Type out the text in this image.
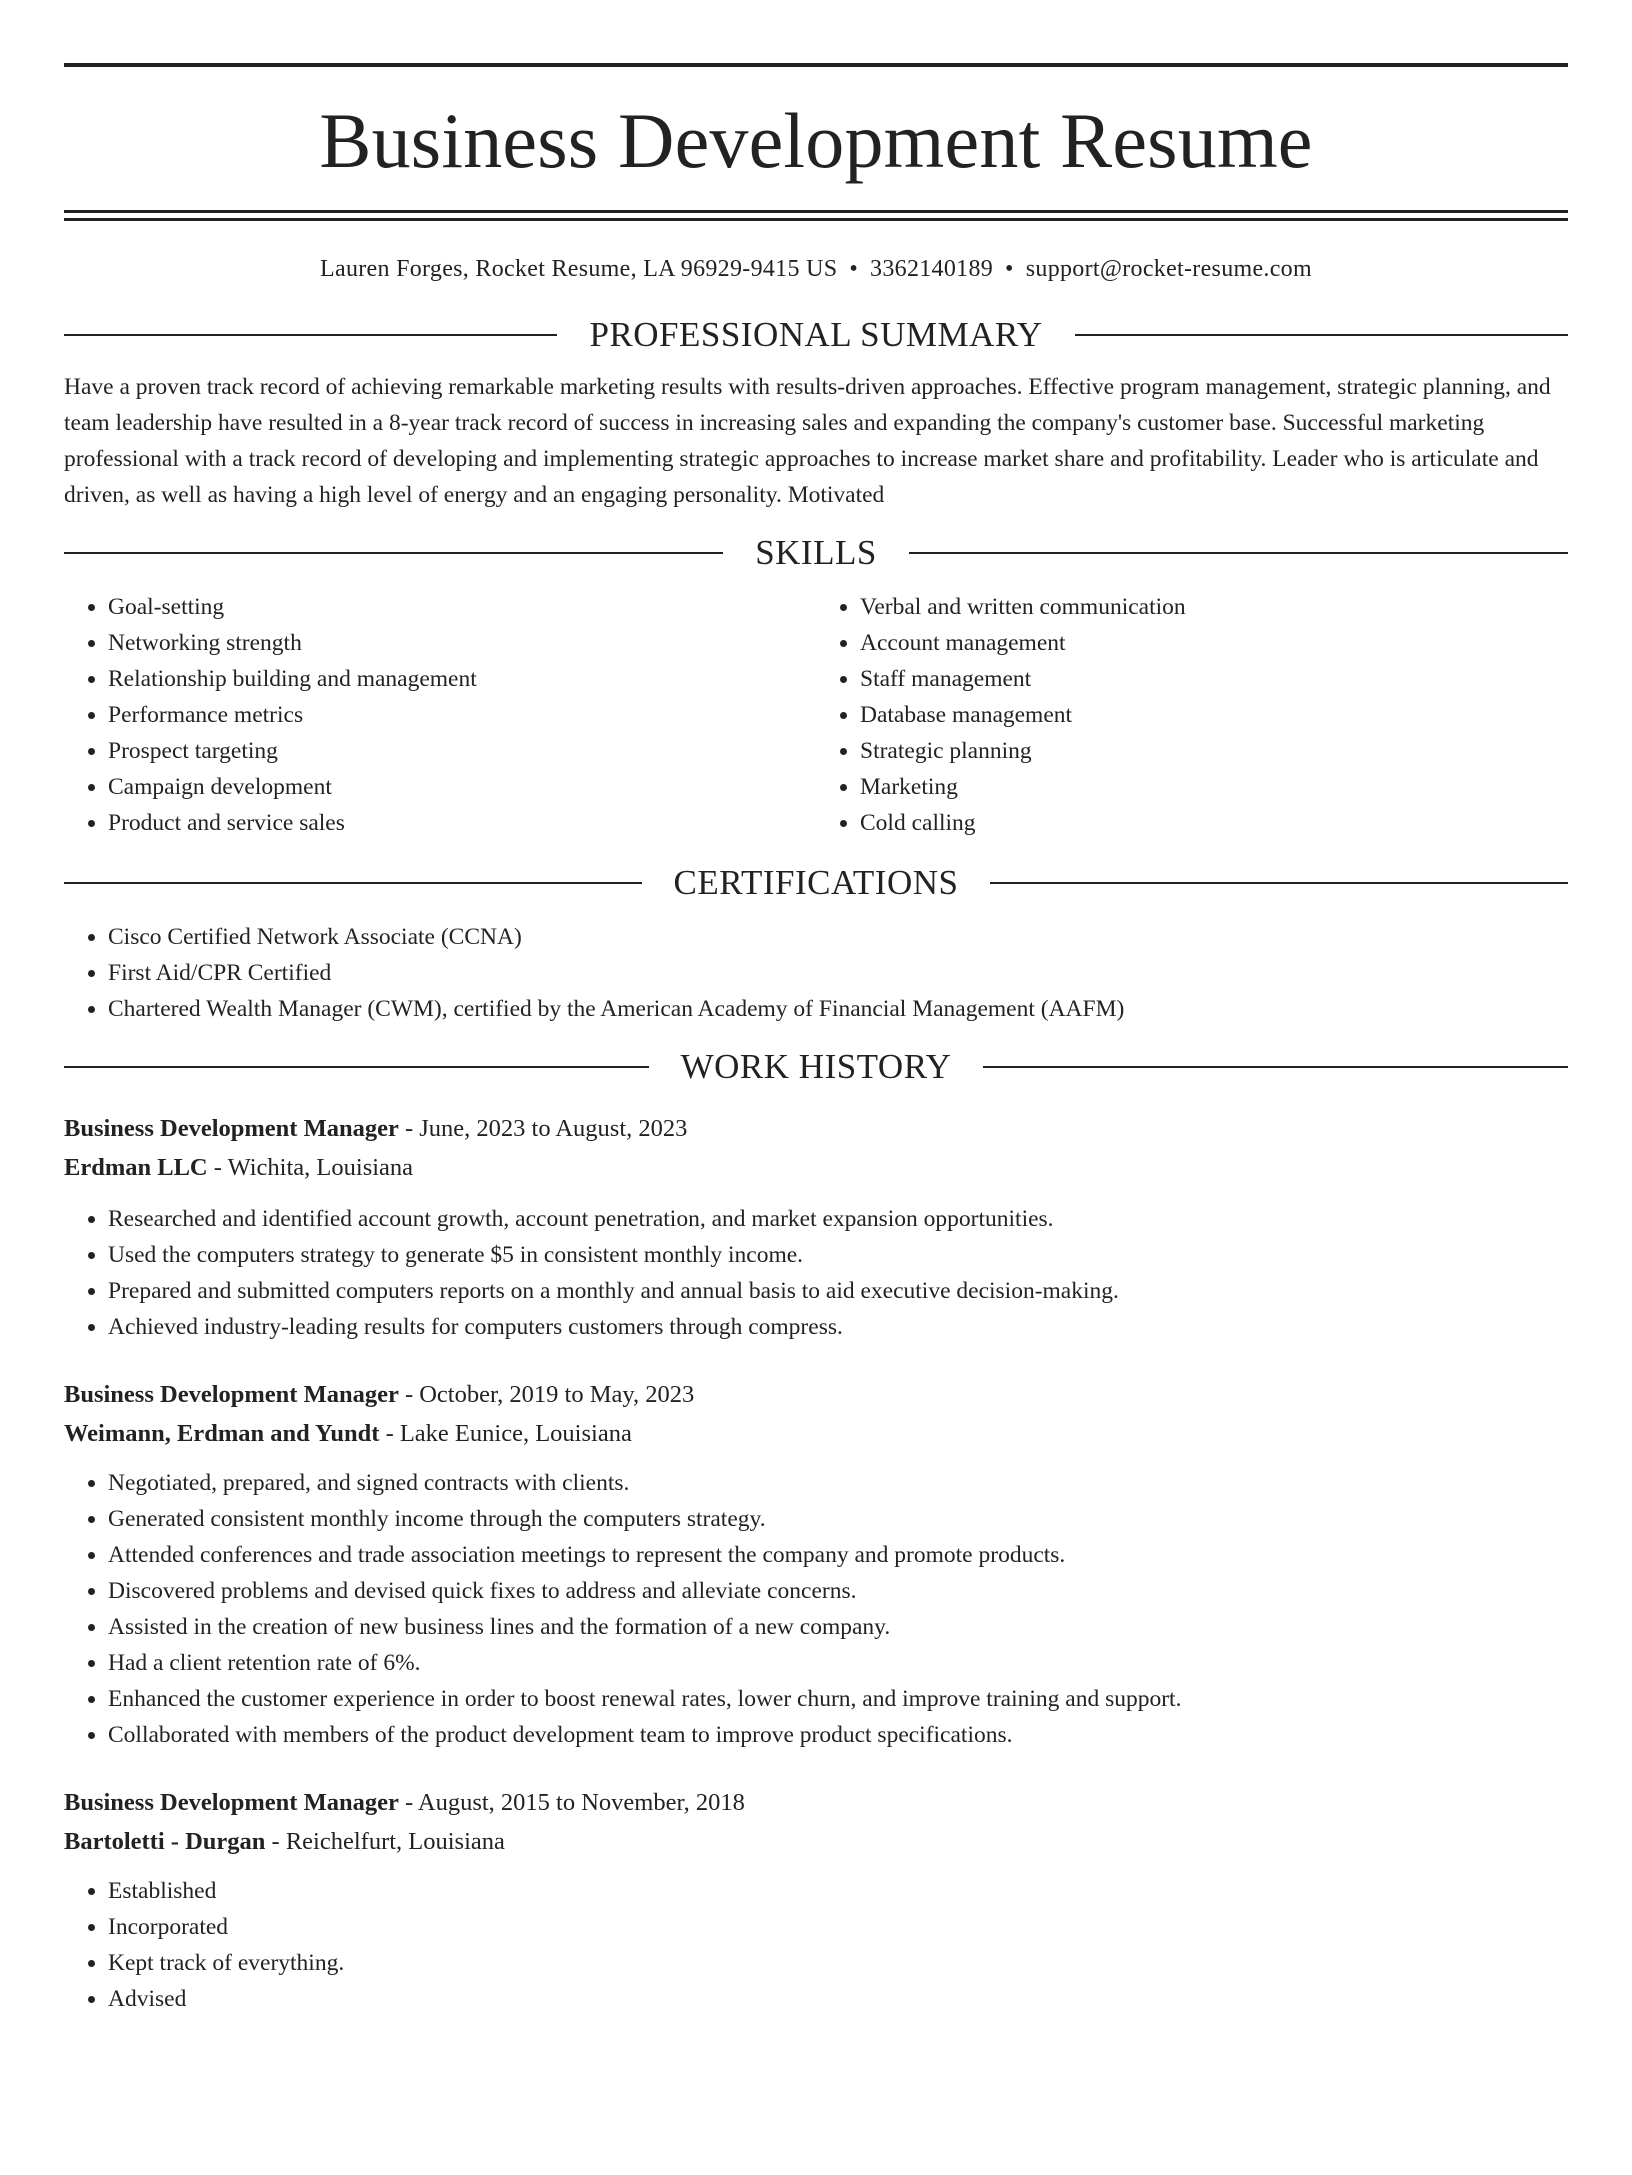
Business Development Resume
Lauren Forges, Rocket Resume, LA 96929-9415 US • 3362140189 • support@rocket-resume.com
PROFESSIONAL SUMMARY

Have a proven track record of achieving remarkable marketing results with results-driven approaches. Effective program management, strategic planning, and team leadership have resulted in a 8-year track record of success in increasing sales and expanding the company's customer base. Successful marketing professional with a track record of developing and implementing strategic approaches to increase market share and profitability. Leader who is articulate and driven, as well as having a high level of energy and an engaging personality. Motivated

SKILLS
• Goal-setting
• Networking strength
• Relationship building and management
• Performance metrics
• Prospect targeting
• Campaign development
• Product and service sales
• Verbal and written communication
• Account management
• Staff management
• Database management
• Strategic planning
• Marketing
• Cold calling
CERTIFICATIONS
• Cisco Certified Network Associate (CCNA)
• First Aid/CPR Certified
• Chartered Wealth Manager (CWM), certified by the American Academy of Financial Management (AAFM)
WORK HISTORY
Business Development Manager - June, 2023 to August, 2023
Erdman LLC - Wichita, Louisiana
• Researched and identified account growth, account penetration, and market expansion opportunities.
• Used the computers strategy to generate $5 in consistent monthly income.
• Prepared and submitted computers reports on a monthly and annual basis to aid executive decision-making.
• Achieved industry-leading results for computers customers through compress.
Business Development Manager - October, 2019 to May, 2023
Weimann, Erdman and Yundt - Lake Eunice, Louisiana
• Negotiated, prepared, and signed contracts with clients.
• Generated consistent monthly income through the computers strategy.
• Attended conferences and trade association meetings to represent the company and promote products.
• Discovered problems and devised quick fixes to address and alleviate concerns.
• Assisted in the creation of new business lines and the formation of a new company.
• Had a client retention rate of 6%.
• Enhanced the customer experience in order to boost renewal rates, lower churn, and improve training and support.
• Collaborated with members of the product development team to improve product specifications.
Business Development Manager - August, 2015 to November, 2018
Bartoletti - Durgan - Reichelfurt, Louisiana
• Established
• Incorporated
• Kept track of everything.
• Advised
